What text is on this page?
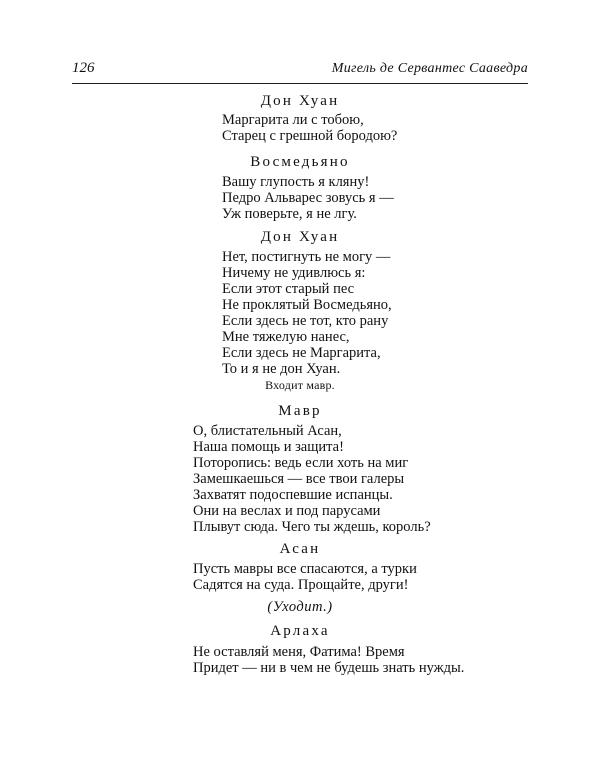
126	Мигель де Сервантес Сааведра
Дон Хуан
Маргарита ли с тобою,
Старец с грешной бородою?
Восмедьяно
Вашу глупость я кляну!
Педро Альварес зовусь я —
Уж поверьте, я не лгу.
Дон Хуан
Нет, постигнуть не могу —
Ничему не удивлюсь я:
Если этот старый пес
Не проклятый Восмедьяно,
Если здесь не тот, кто рану
Мне тяжелую нанес,
Если здесь не Маргарита,
То и я не дон Хуан.
Входит мавр.
Мавр
О, блистательный Асан,
Наша помощь и защита!
Поторопись: ведь если хоть на миг
Замешкаешься — все твои галеры
Захватят подоспевшие испанцы.
Они на веслах и под парусами
Плывут сюда. Чего ты ждешь, король?
Асан
Пусть мавры все спасаются, а турки
Садятся на суда. Прощайте, други!
(Уходит.)
Арлаха
Не оставляй меня, Фатима! Время
Придет — ни в чем не будешь знать нужды.
